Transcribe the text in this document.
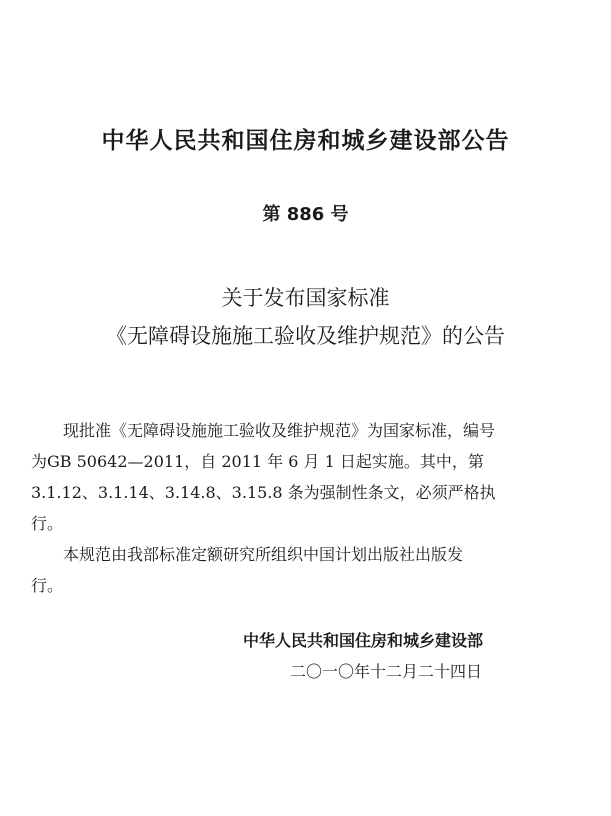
中华人民共和国住房和城乡建设部公告
第 886 号
关于发布国家标准
《无障碍设施施工验收及维护规范》的公告
现批准《无障碍设施施工验收及维护规范》为国家标准，编号
为GB 50642—2011，自 2011 年 6 月 1 日起实施。其中，第
3.1.12、3.1.14、3.14.8、3.15.8 条为强制性条文，必须严格执
行。
本规范由我部标准定额研究所组织中国计划出版社出版发
行。
中华人民共和国住房和城乡建设部
二〇一〇年十二月二十四日
